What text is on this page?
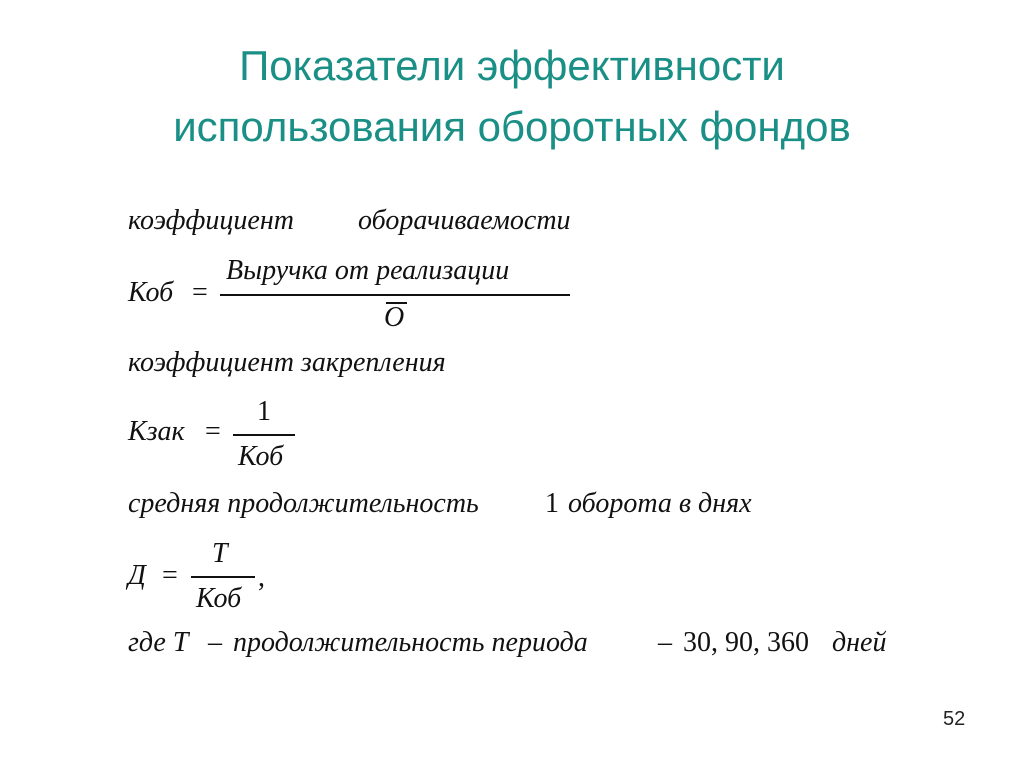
Показатели эффективности
использования оборотных фондов
коэффициент оборачиваемости
Коб =
Выручка от реализации
О
коэффициент закрепления
Кзак =
1
Коб
средняя продолжительность 1 оборота в днях
Д =
Т
Коб
,
где Т – продолжительность периода	– 30, 90, 360 дней
52
